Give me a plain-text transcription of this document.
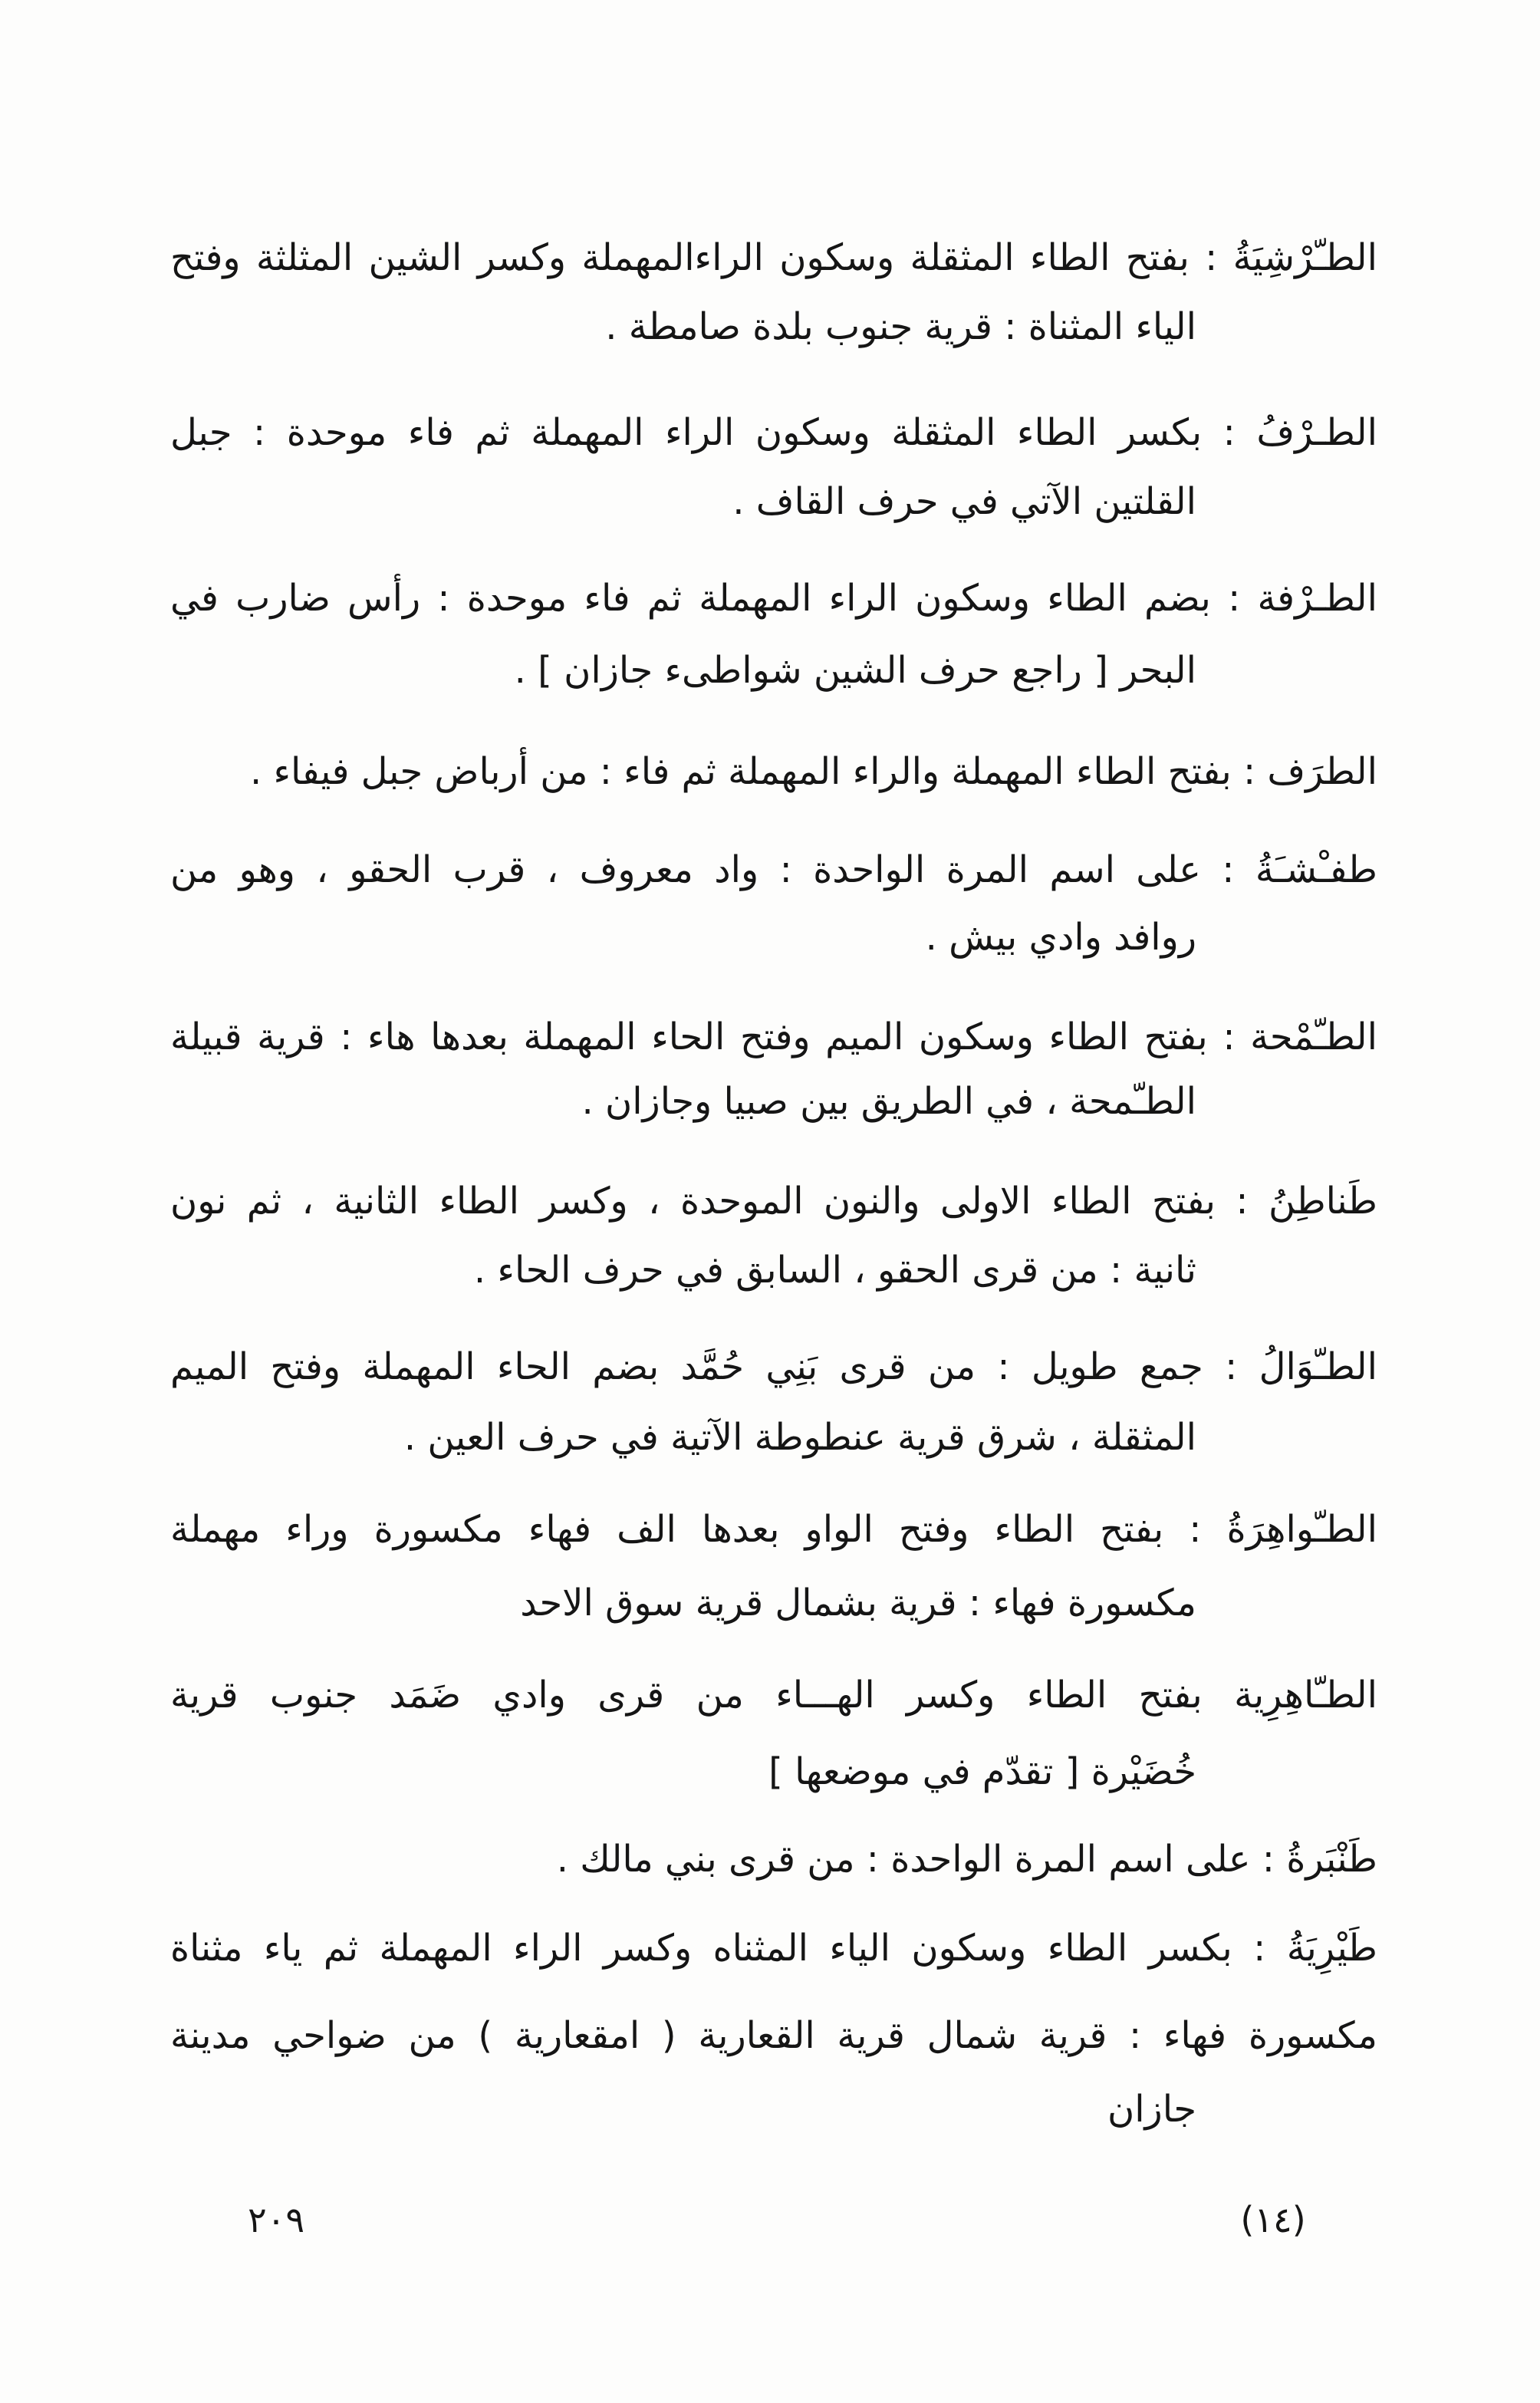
الطـّرْشِيَةُ : بفتح الطاء المثقلة وسكون الراءالمهملة وكسر الشين المثلثة وفتح
الياء المثناة : قرية جنوب بلدة صامطة .
الطـرْفُ : بكسر الطاء المثقلة وسكون الراء المهملة ثم فاء موحدة : جبل
القلتين الآتي في حرف القاف .
الطـرْفة : بضم الطاء وسكون الراء المهملة ثم فاء موحدة : رأس ضارب في
البحر [ راجع حرف الشين شواطىء جازان ] .
الطرَف : بفتح الطاء المهملة والراء المهملة ثم فاء : من أرباض جبل فيفاء .
طفـْشـَةُ : على اسم المرة الواحدة : واد معروف ، قرب الحقو ، وهو من
روافد وادي بيش .
الطـّمْحة : بفتح الطاء وسكون الميم وفتح الحاء المهملة بعدها هاء : قرية قبيلة
الطـّمحة ، في الطريق بين صبيا وجازان .
طَناطِنُ : بفتح الطاء الاولى والنون الموحدة ، وكسر الطاء الثانية ، ثم نون
ثانية : من قرى الحقو ، السابق في حرف الحاء .
الطـّوَالُ : جمع طويل : من قرى بَنِي حُمَّد بضم الحاء المهملة وفتح الميم
المثقلة ، شرق قرية عنطوطة الآتية في حرف العين .
الطـّواهِرَةُ : بفتح الطاء وفتح الواو بعدها الف فهاء مكسورة وراء مهملة
مكسورة فهاء : قرية بشمال قرية سوق الاحد
الطـّاهِرِية بفتح الطاء وكسر الهـــاء من قرى وادي ضَمَد جنوب قرية
خُضَيْرة [ تقدّم في موضعها ]
طَنْبَرةُ : على اسم المرة الواحدة : من قرى بني مالك .
طَيْرِيَةُ : بكسر الطاء وسكون الياء المثناه وكسر الراء المهملة ثم ياء مثناة
مكسورة فهاء : قرية شمال قرية القعارية ( امقعارية ) من ضواحي مدينة
جازان
٢٠٩	(١٤)
